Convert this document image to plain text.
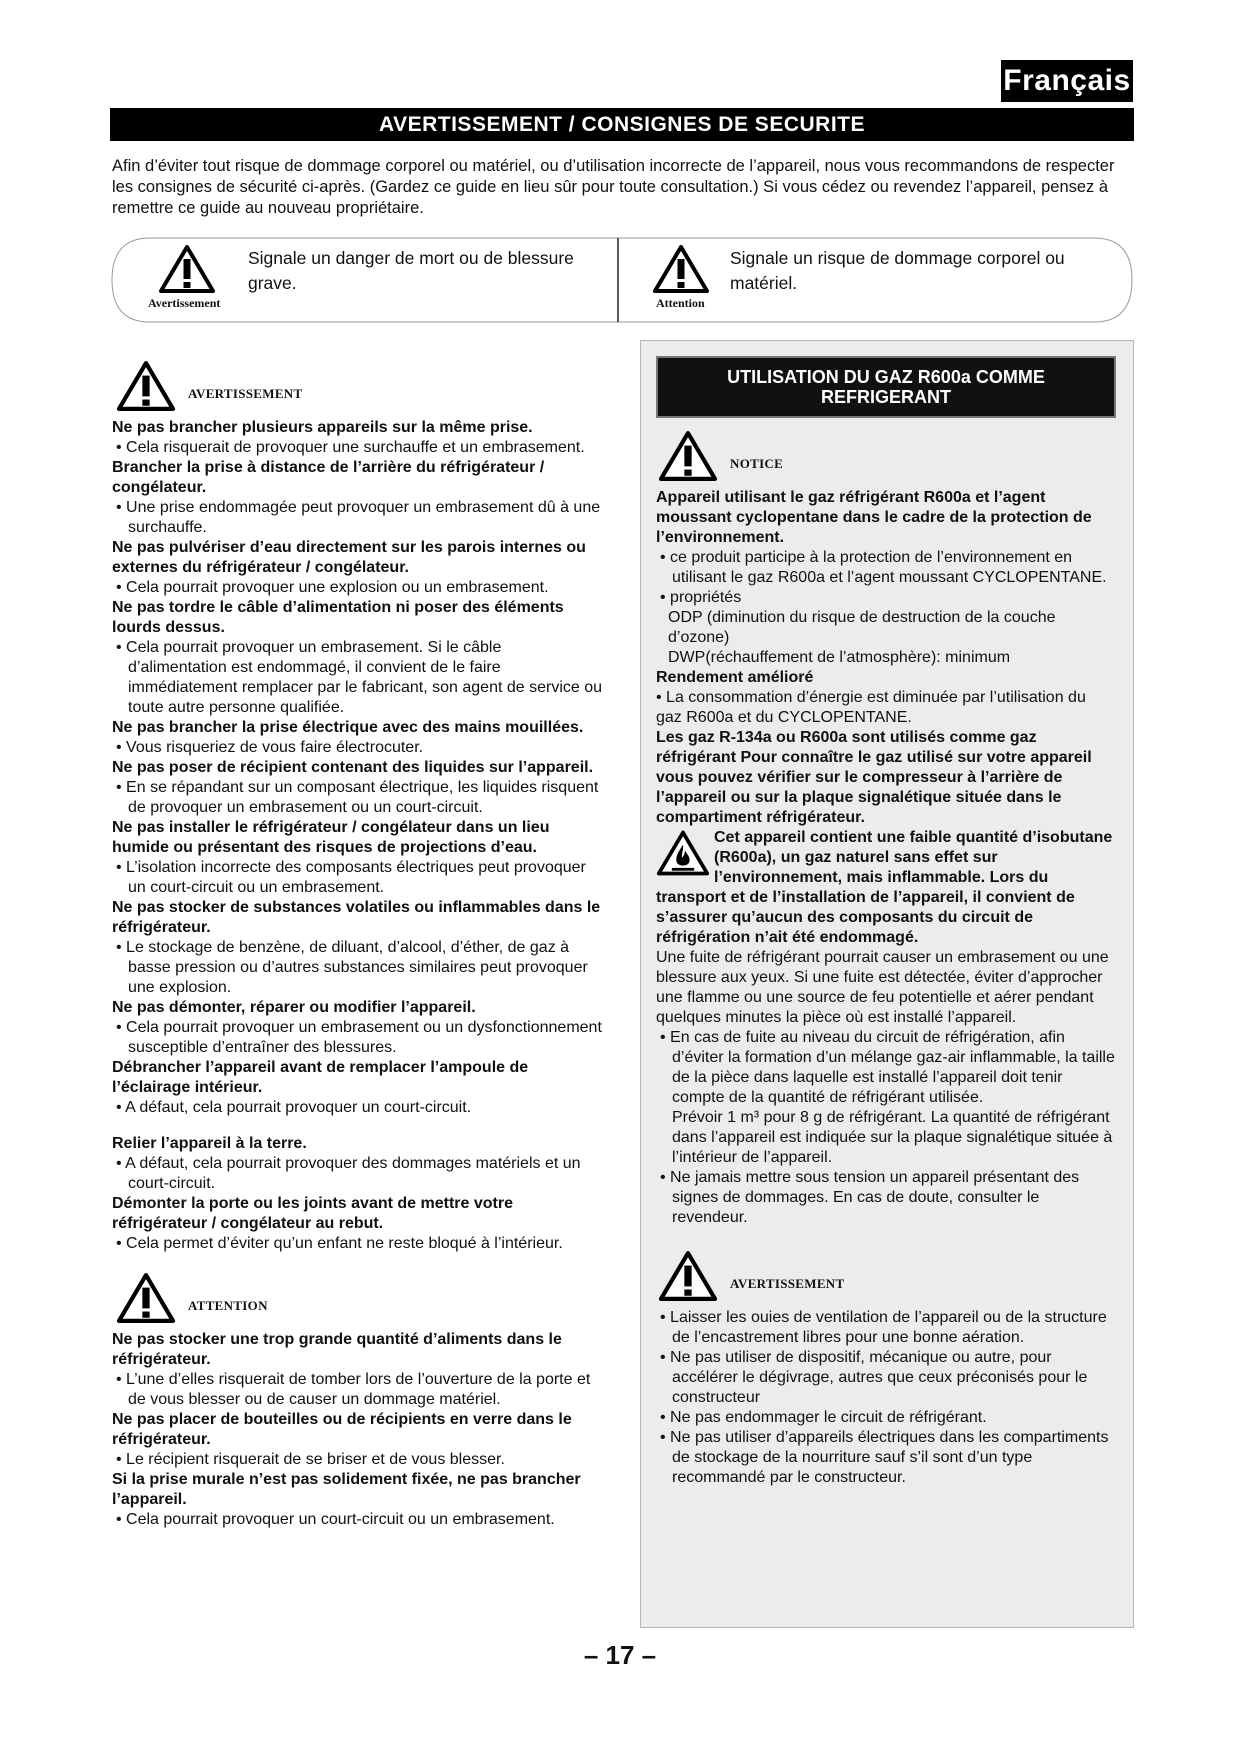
Français
AVERTISSEMENT / CONSIGNES DE SECURITE
Afin d’éviter tout risque de dommage corporel ou matériel, ou d’utilisation incorrecte de l’appareil, nous vous recommandons de respecter les consignes de sécurité ci-après. (Gardez ce guide en lieu sûr pour toute consultation.) Si vous cédez ou revendez l’appareil, pensez à remettre ce guide au nouveau propriétaire.
Avertissement
Signale un danger de mort ou de blessure grave.
Attention
Signale un risque de dommage corporel ou matériel.
AVERTISSEMENT

Ne pas brancher plusieurs appareils sur la même prise.

• Cela risquerait de provoquer une surchauffe et un embrasement.

Brancher la prise à distance de l’arrière du réfrigérateur / congélateur.

• Une prise endommagée peut provoquer un embrasement dû à une surchauffe.

Ne pas pulvériser d’eau directement sur les parois internes ou externes du réfrigérateur / congélateur.

• Cela pourrait provoquer une explosion ou un embrasement.

Ne pas tordre le câble d’alimentation ni poser des éléments lourds dessus.

• Cela pourrait provoquer un embrasement. Si le câble d’alimentation est endommagé, il convient de le faire immédiatement remplacer par le fabricant, son agent de service ou toute autre personne qualifiée.

Ne pas brancher la prise électrique avec des mains mouillées.

• Vous risqueriez de vous faire électrocuter.

Ne pas poser de récipient contenant des liquides sur l’appareil.

• En se répandant sur un composant électrique, les liquides risquent de provoquer un embrasement ou un court-circuit.

Ne pas installer le réfrigérateur / congélateur dans un lieu humide ou présentant des risques de projections d’eau.

• L’isolation incorrecte des composants électriques peut provoquer un court-circuit ou un embrasement.

Ne pas stocker de substances volatiles ou inflammables dans le réfrigérateur.

• Le stockage de benzène, de diluant, d’alcool, d’éther, de gaz à basse pression ou d’autres substances similaires peut provoquer une explosion.

Ne pas démonter, réparer ou modifier l’appareil.

• Cela pourrait provoquer un embrasement ou un dysfonctionnement susceptible d’entraîner des blessures.

Débrancher l’appareil avant de remplacer l’ampoule de l’éclairage intérieur.

• A défaut, cela pourrait provoquer un court-circuit.

Relier l’appareil à la terre.

• A défaut, cela pourrait provoquer des dommages matériels et un court-circuit.

Démonter la porte ou les joints avant de mettre votre réfrigérateur / congélateur au rebut.

• Cela permet d’éviter qu’un enfant ne reste bloqué à l’intérieur.

ATTENTION

Ne pas stocker une trop grande quantité d’aliments dans le réfrigérateur.

• L’une d’elles risquerait de tomber lors de l’ouverture de la porte et de vous blesser ou de causer un dommage matériel.

Ne pas placer de bouteilles ou de récipients en verre dans le réfrigérateur.

• Le récipient risquerait de se briser et de vous blesser.

Si la prise murale n’est pas solidement fixée, ne pas brancher l’appareil.

• Cela pourrait provoquer un court-circuit ou un embrasement.

UTILISATION DU GAZ R600a COMME REFRIGERANT
NOTICE

Appareil utilisant le gaz réfrigérant R600a et l’agent moussant cyclopentane dans le cadre de la protection de l’environnement.

• ce produit participe à la protection de l’environnement en utilisant le gaz R600a et l’agent moussant CYCLOPENTANE.

• propriétés

ODP (diminution du risque de destruction de la couche d’ozone)

DWP(réchauffement de l’atmosphère): minimum

Rendement amélioré

• La consommation d’énergie est diminuée par l’utilisation du gaz R600a et du CYCLOPENTANE.

Les gaz R-134a ou R600a sont utilisés comme gaz réfrigérant Pour connaître le gaz utilisé sur votre appareil vous pouvez vérifier sur le compresseur à l’arrière de l’appareil ou sur la plaque signalétique située dans le compartiment réfrigérateur.

Cet appareil contient une faible quantité d’isobutane (R600a), un gaz naturel sans effet sur l’environnement, mais inflammable. Lors du transport et de l’installation de l’appareil, il convient de s’assurer qu’aucun des composants du circuit de réfrigération n’ait été endommagé.

Une fuite de réfrigérant pourrait causer un embrasement ou une blessure aux yeux. Si une fuite est détectée, éviter d’approcher une flamme ou une source de feu potentielle et aérer pendant quelques minutes la pièce où est installé l’appareil.

• En cas de fuite au niveau du circuit de réfrigération, afin d’éviter la formation d’un mélange gaz-air inflammable, la taille de la pièce dans laquelle est installé l’appareil doit tenir compte de la quantité de réfrigérant utilisée.

Prévoir 1 m³ pour 8 g de réfrigérant. La quantité de réfrigérant dans l’appareil est indiquée sur la plaque signalétique située à l’intérieur de l’appareil.

• Ne jamais mettre sous tension un appareil présentant des signes de dommages. En cas de doute, consulter le revendeur.

AVERTISSEMENT

• Laisser les ouies de ventilation de l’appareil ou de la structure de l’encastrement libres pour une bonne aération.

• Ne pas utiliser de dispositif, mécanique ou autre, pour accélérer le dégivrage, autres que ceux préconisés pour le constructeur

• Ne pas endommager le circuit de réfrigérant.

• Ne pas utiliser d’appareils électriques dans les compartiments de stockage de la nourriture sauf s’il sont d’un type recommandé par le constructeur.

– 17 –
